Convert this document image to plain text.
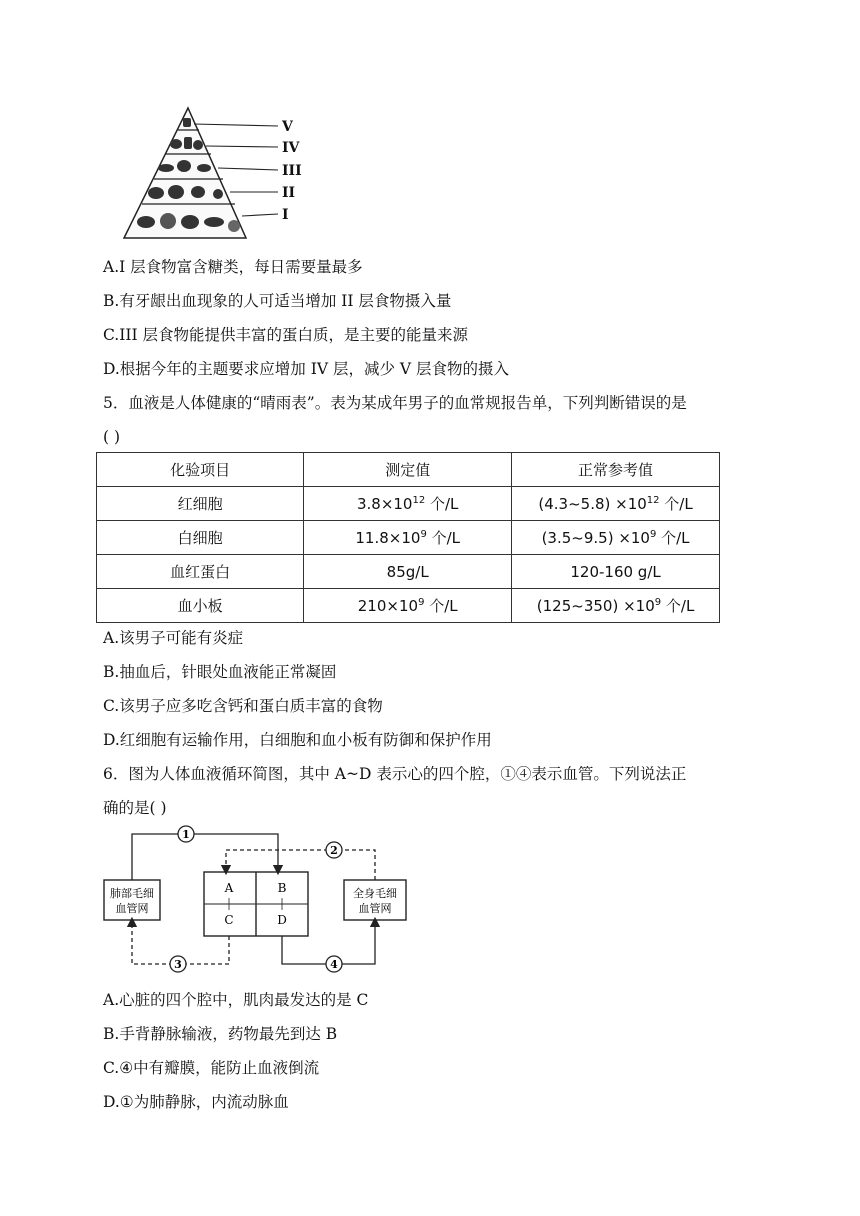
V
IV
III
II
I
A.I 层食物富含糖类，每日需要量最多
B.有牙龈出血现象的人可适当增加 II 层食物摄入量
C.III 层食物能提供丰富的蛋白质，是主要的能量来源
D.根据今年的主题要求应增加 IV 层，减少 V 层食物的摄入
5．血液是人体健康的“晴雨表”。表为某成年男子的血常规报告单，下列判断错误的是
( )
化验项目	测定值	正常参考值
红细胞	$3.8\times 10^{12}$ 个/L	(4.3~5.8) $\times 10^{12}$ 个/L
白细胞	$11.8\times 10^9$ 个/L	(3.5~9.5) $\times 10^9$ 个/L
血红蛋白	85g/L	120-160 g/L
血小板	$210\times 10^9$ 个/L	(125~350) $\times 10^9$ 个/L
A.该男子可能有炎症
B.抽血后，针眼处血液能正常凝固
C.该男子应多吃含钙和蛋白质丰富的食物
D.红细胞有运输作用，白细胞和血小板有防御和保护作用
6．图为人体血液循环简图，其中 A~D 表示心的四个腔，①④表示血管。下列说法正
确的是( )
肺部毛细
血管网
全身毛细
血管网
A	B
C	D
1
2
3	4
A.心脏的四个腔中，肌肉最发达的是 C
B.手背静脉输液，药物最先到达 B
C.④中有瓣膜，能防止血液倒流
D.①为肺静脉，内流动脉血
